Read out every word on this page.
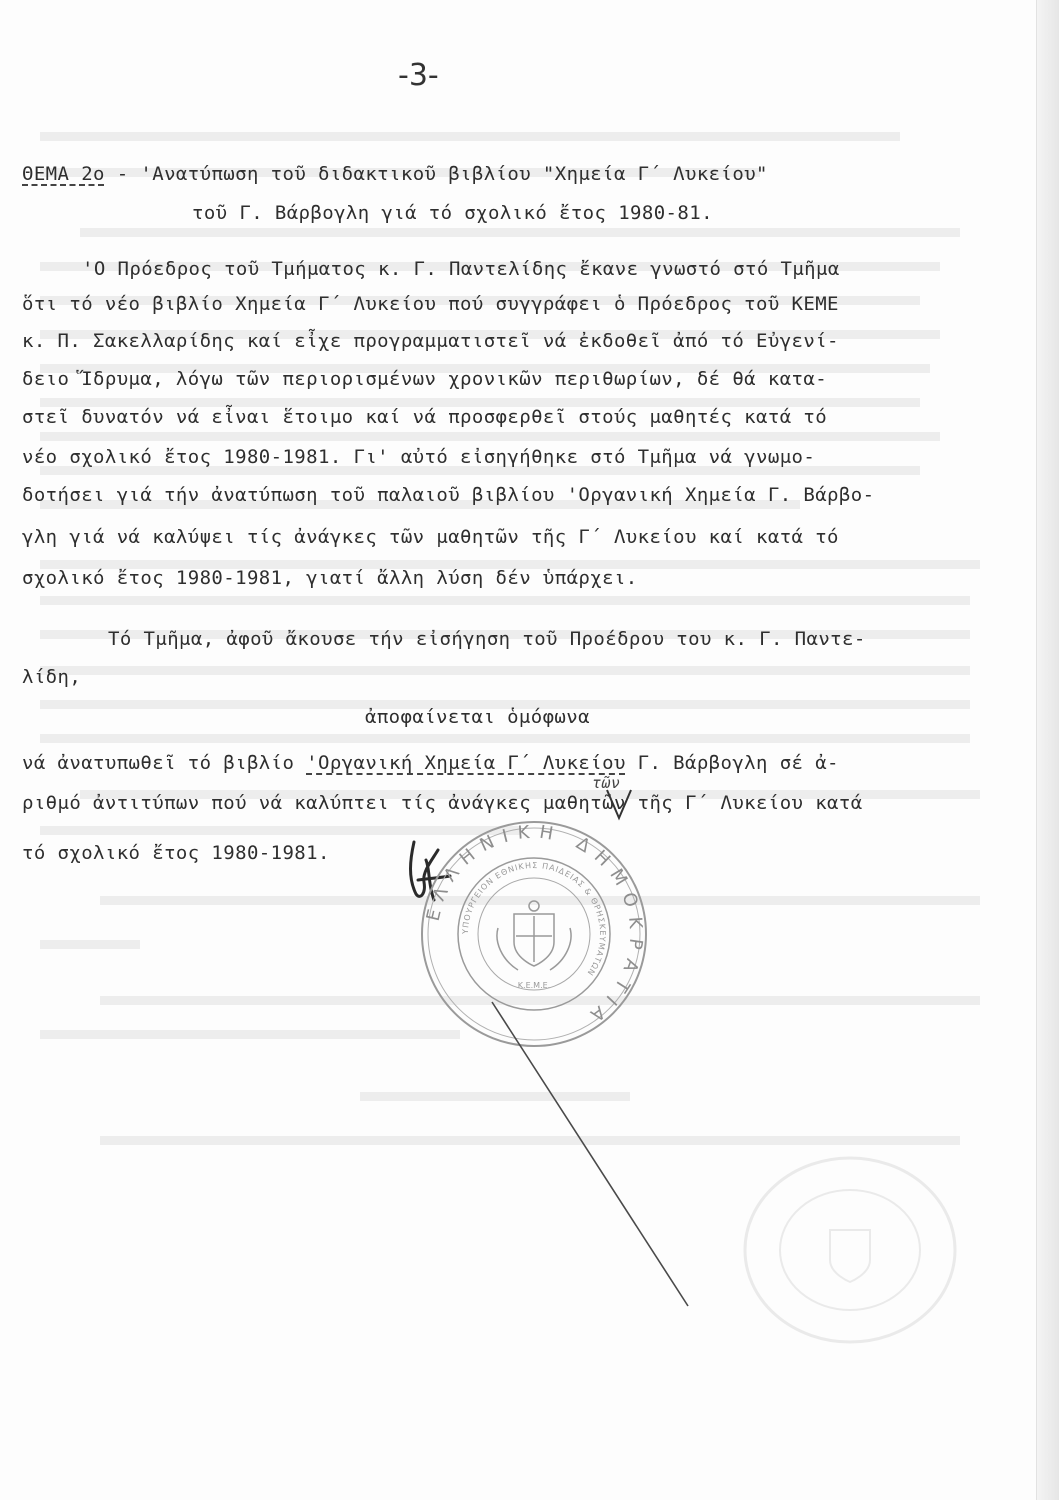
-3-
ΘΕΜΑ 2ο - 'Ανατύπωση τοῦ διδακτικοῦ βιβλίου "Χημεία Γ΄ Λυκείου"
τοῦ Γ. Βάρβογλη γιά τό σχολικό ἔτος 1980-81.
'Ο Πρόεδρος τοῦ Τμήματος κ. Γ. Παντελίδης ἔκανε γνωστό στό Τμῆμα
ὅτι τό νέο βιβλίο Χημεία Γ΄ Λυκείου πού συγγράφει ὁ Πρόεδρος τοῦ ΚΕΜΕ
κ. Π. Σακελλαρίδης καί εἶχε προγραμματιστεῖ νά ἐκδοθεῖ ἀπό τό Εὐγενί-
δειο Ἵδρυμα, λόγω τῶν περιορισμένων χρονικῶν περιθωρίων, δέ θά κατα-
στεῖ δυνατόν νά εἶναι ἕτοιμο καί νά προσφερθεῖ στούς μαθητές κατά τό
νέο σχολικό ἔτος 1980-1981. Γι' αὐτό εἰσηγήθηκε στό Τμῆμα νά γνωμο-
δοτήσει γιά τήν ἀνατύπωση τοῦ παλαιοῦ βιβλίου 'Οργανική Χημεία Γ. Βάρβο-
γλη γιά νά καλύψει τίς ἀνάγκες τῶν μαθητῶν τῆς Γ΄ Λυκείου καί κατά τό
σχολικό ἔτος 1980-1981, γιατί ἄλλη λύση δέν ὑπάρχει.
Τό Τμῆμα, ἀφοῦ ἄκουσε τήν εἰσήγηση τοῦ Προέδρου του κ. Γ. Παντε-
λίδη,
ἀποφαίνεται ὁμόφωνα
νά ἀνατυπωθεῖ τό βιβλίο 'Οργανική Χημεία Γ΄ Λυκείου Γ. Βάρβογλη σέ ἀ-
τῶν
ριθμό ἀντιτύπων πού νά καλύπτει τίς ἀνάγκες μαθητῶν τῆς Γ΄ Λυκείου κατά
τό σχολικό ἔτος 1980-1981.
ΕΛΛΗΝΙΚΗ ΔΗΜΟΚΡΑΤΙΑ
ΥΠΟΥΡΓΕΙΟΝ ΕΘΝΙΚΗΣ ΠΑΙΔΕΙΑΣ & ΘΡΗΣΚΕΥΜΑΤΩΝ
Κ.Ε.Μ.Ε.
